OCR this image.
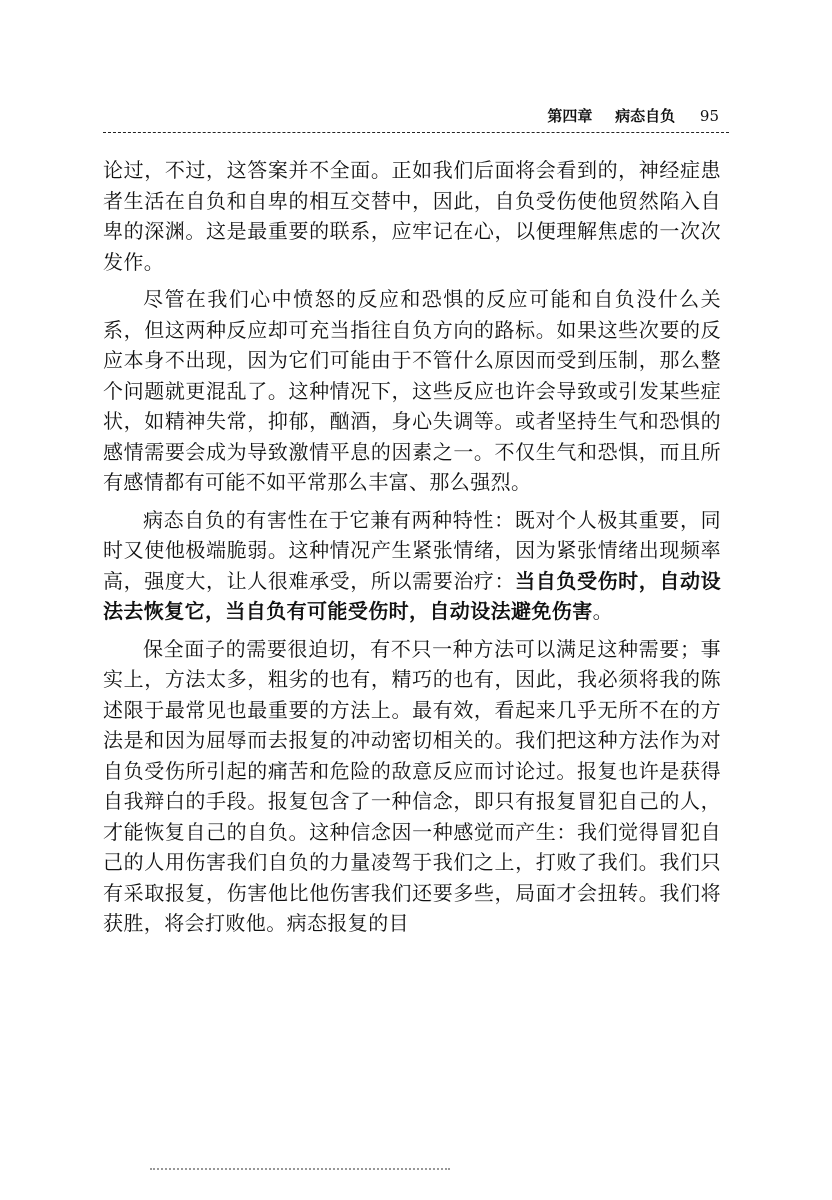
第四章 病态自负 95

论过，不过，这答案并不全面。正如我们后面将会看到的，神经症患者生活在自负和自卑的相互交替中，因此，自负受伤使他贸然陷入自卑的深渊。这是最重要的联系，应牢记在心，以便理解焦虑的一次次发作。

尽管在我们心中愤怒的反应和恐惧的反应可能和自负没什么关系，但这两种反应却可充当指往自负方向的路标。如果这些次要的反应本身不出现，因为它们可能由于不管什么原因而受到压制，那么整个问题就更混乱了。这种情况下，这些反应也许会导致或引发某些症状，如精神失常，抑郁，酗酒，身心失调等。或者坚持生气和恐惧的感情需要会成为导致激情平息的因素之一。不仅生气和恐惧，而且所有感情都有可能不如平常那么丰富、那么强烈。

病态自负的有害性在于它兼有两种特性：既对个人极其重要，同时又使他极端脆弱。这种情况产生紧张情绪，因为紧张情绪出现频率高，强度大，让人很难承受，所以需要治疗：当自负受伤时，自动设法去恢复它，当自负有可能受伤时，自动设法避免伤害。

保全面子的需要很迫切，有不只一种方法可以满足这种需要；事实上，方法太多，粗劣的也有，精巧的也有，因此，我必须将我的陈述限于最常见也最重要的方法上。最有效，看起来几乎无所不在的方法是和因为屈辱而去报复的冲动密切相关的。我们把这种方法作为对自负受伤所引起的痛苦和危险的敌意反应而讨论过。报复也许是获得自我辩白的手段。报复包含了一种信念，即只有报复冒犯自己的人，才能恢复自己的自负。这种信念因一种感觉而产生：我们觉得冒犯自己的人用伤害我们自负的力量凌驾于我们之上，打败了我们。我们只有采取报复，伤害他比他伤害我们还要多些，局面才会扭转。我们将获胜，将会打败他。病态报复的目
